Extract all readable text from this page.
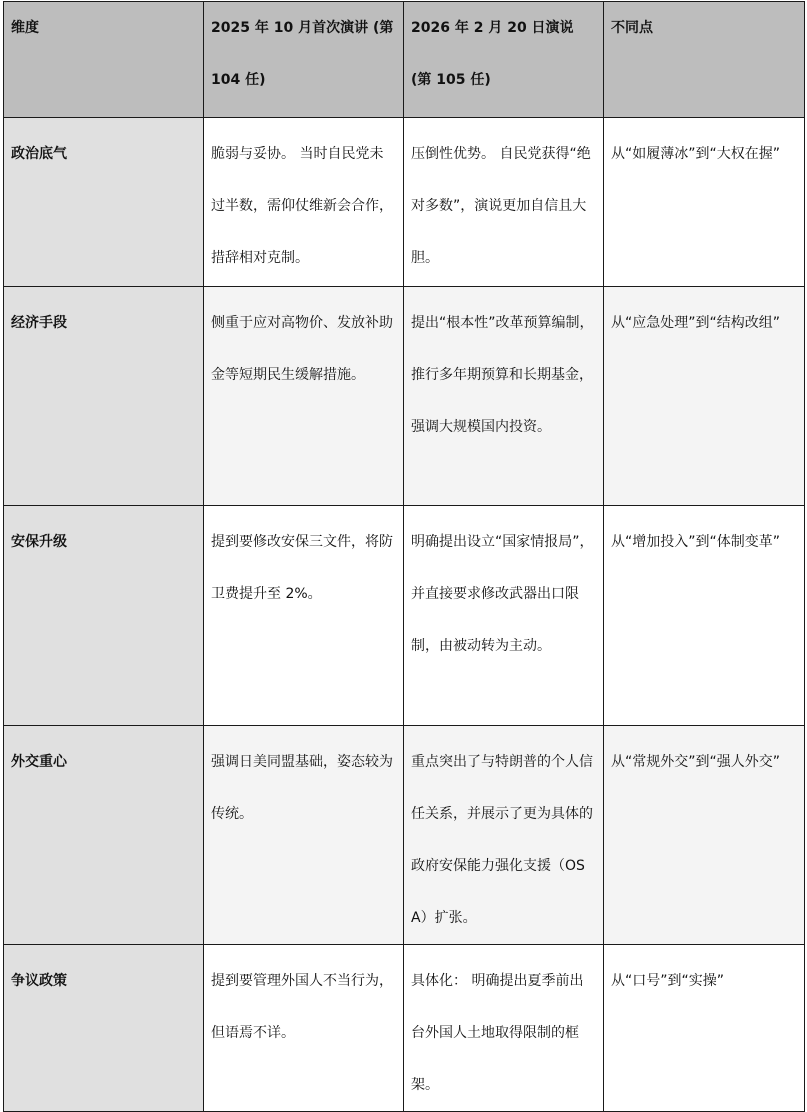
维度	2025 年 10 月首次演讲 (第 104 任)	2026 年 2 月 20 日演说 (第 105 任)	不同点
政治底气	脆弱与妥协。 当时自民党未过半数，需仰仗维新会合作，措辞相对克制。	压倒性优势。 自民党获得“绝对多数”，演说更加自信且大胆。	从“如履薄冰”到“大权在握”
经济手段	侧重于应对高物价、发放补助金等短期民生缓解措施。	提出“根本性”改革预算编制，推行多年期预算和长期基金，强调大规模国内投资。	从“应急处理”到“结构改组”
安保升级	提到要修改安保三文件，将防卫费提升至 2%。	明确提出设立“国家情报局”，并直接要求修改武器出口限制，由被动转为主动。	从“增加投入”到“体制变革”
外交重心	强调日美同盟基础，姿态较为传统。	重点突出了与特朗普的个人信任关系，并展示了更为具体的政府安保能力强化支援（OSA）扩张。	从“常规外交”到“强人外交”
争议政策	提到要管理外国人不当行为，但语焉不详。	具体化： 明确提出夏季前出台外国人土地取得限制的框架。	从“口号”到“实操”
